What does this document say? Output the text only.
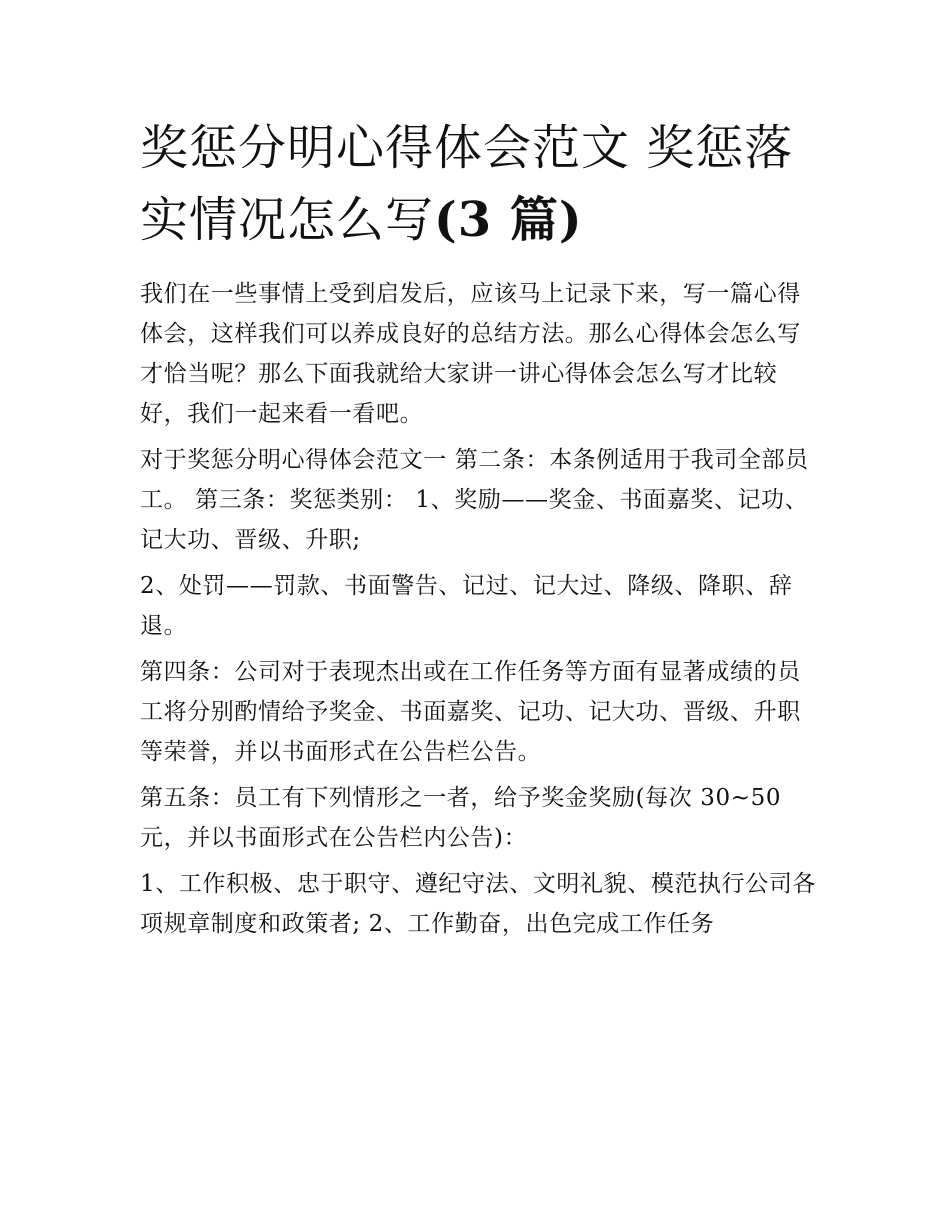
奖惩分明心得体会范文 奖惩落实情况怎么写(3 篇)

我们在一些事情上受到启发后，应该马上记录下来，写一篇心得体会，这样我们可以养成良好的总结方法。那么心得体会怎么写才恰当呢？那么下面我就给大家讲一讲心得体会怎么写才比较好，我们一起来看一看吧。

对于奖惩分明心得体会范文一 第二条：本条例适用于我司全部员工。 第三条：奖惩类别： 1、奖励——奖金、书面嘉奖、记功、记大功、晋级、升职;

2、处罚——罚款、书面警告、记过、记大过、降级、降职、辞退。

第四条：公司对于表现杰出或在工作任务等方面有显著成绩的员工将分别酌情给予奖金、书面嘉奖、记功、记大功、晋级、升职等荣誉，并以书面形式在公告栏公告。

第五条：员工有下列情形之一者，给予奖金奖励(每次 30~50 元，并以书面形式在公告栏内公告)：

1、工作积极、忠于职守、遵纪守法、文明礼貌、模范执行公司各项规章制度和政策者; 2、工作勤奋，出色完成工作任务
